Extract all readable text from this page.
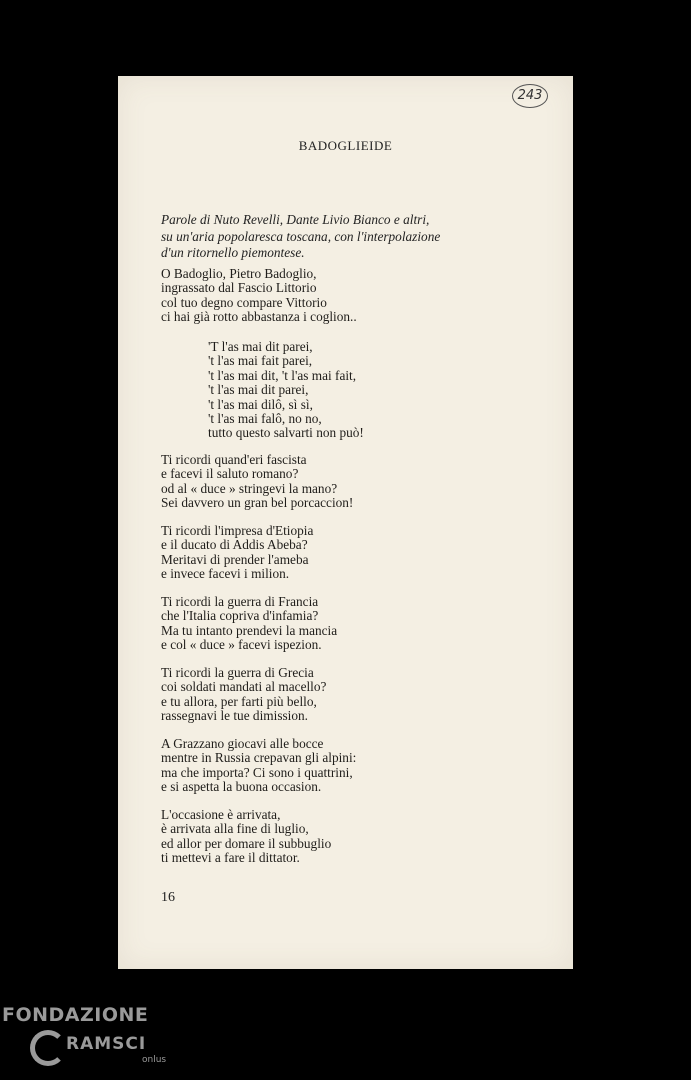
BADOGLIEIDE
Parole di Nuto Revelli, Dante Livio Bianco e altri,
su un'aria popolaresca toscana, con l'interpolazione
d'un ritornello piemontese.
O Badoglio, Pietro Badoglio,
ingrassato dal Fascio Littorio
col tuo degno compare Vittorio
ci hai già rotto abbastanza i coglion..
'T l'as mai dit parei,
't l'as mai fait parei,
't l'as mai dit, 't l'as mai fait,
't l'as mai dit parei,
't l'as mai dilô, sì sì,
't l'as mai falô, no no,
tutto questo salvarti non può!
Ti ricordi quand'eri fascista
e facevi il saluto romano?
od al « duce » stringevi la mano?
Sei davvero un gran bel porcaccion!
Ti ricordi l'impresa d'Etiopia
e il ducato di Addis Abeba?
Meritavi di prender l'ameba
e invece facevi i milion.
Ti ricordi la guerra di Francia
che l'Italia copriva d'infamia?
Ma tu intanto prendevi la mancia
e col « duce » facevi ispezion.
Ti ricordi la guerra di Grecia
coi soldati mandati al macello?
e tu allora, per farti più bello,
rassegnavi le tue dimission.
A Grazzano giocavi alle bocce
mentre in Russia crepavan gli alpini:
ma che importa? Ci sono i quattrini,
e si aspetta la buona occasion.
L'occasione è arrivata,
è arrivata alla fine di luglio,
ed allor per domare il subbuglio
ti mettevi a fare il dittator.
16
243
FONDAZIONE
RAMSCI
onlus
